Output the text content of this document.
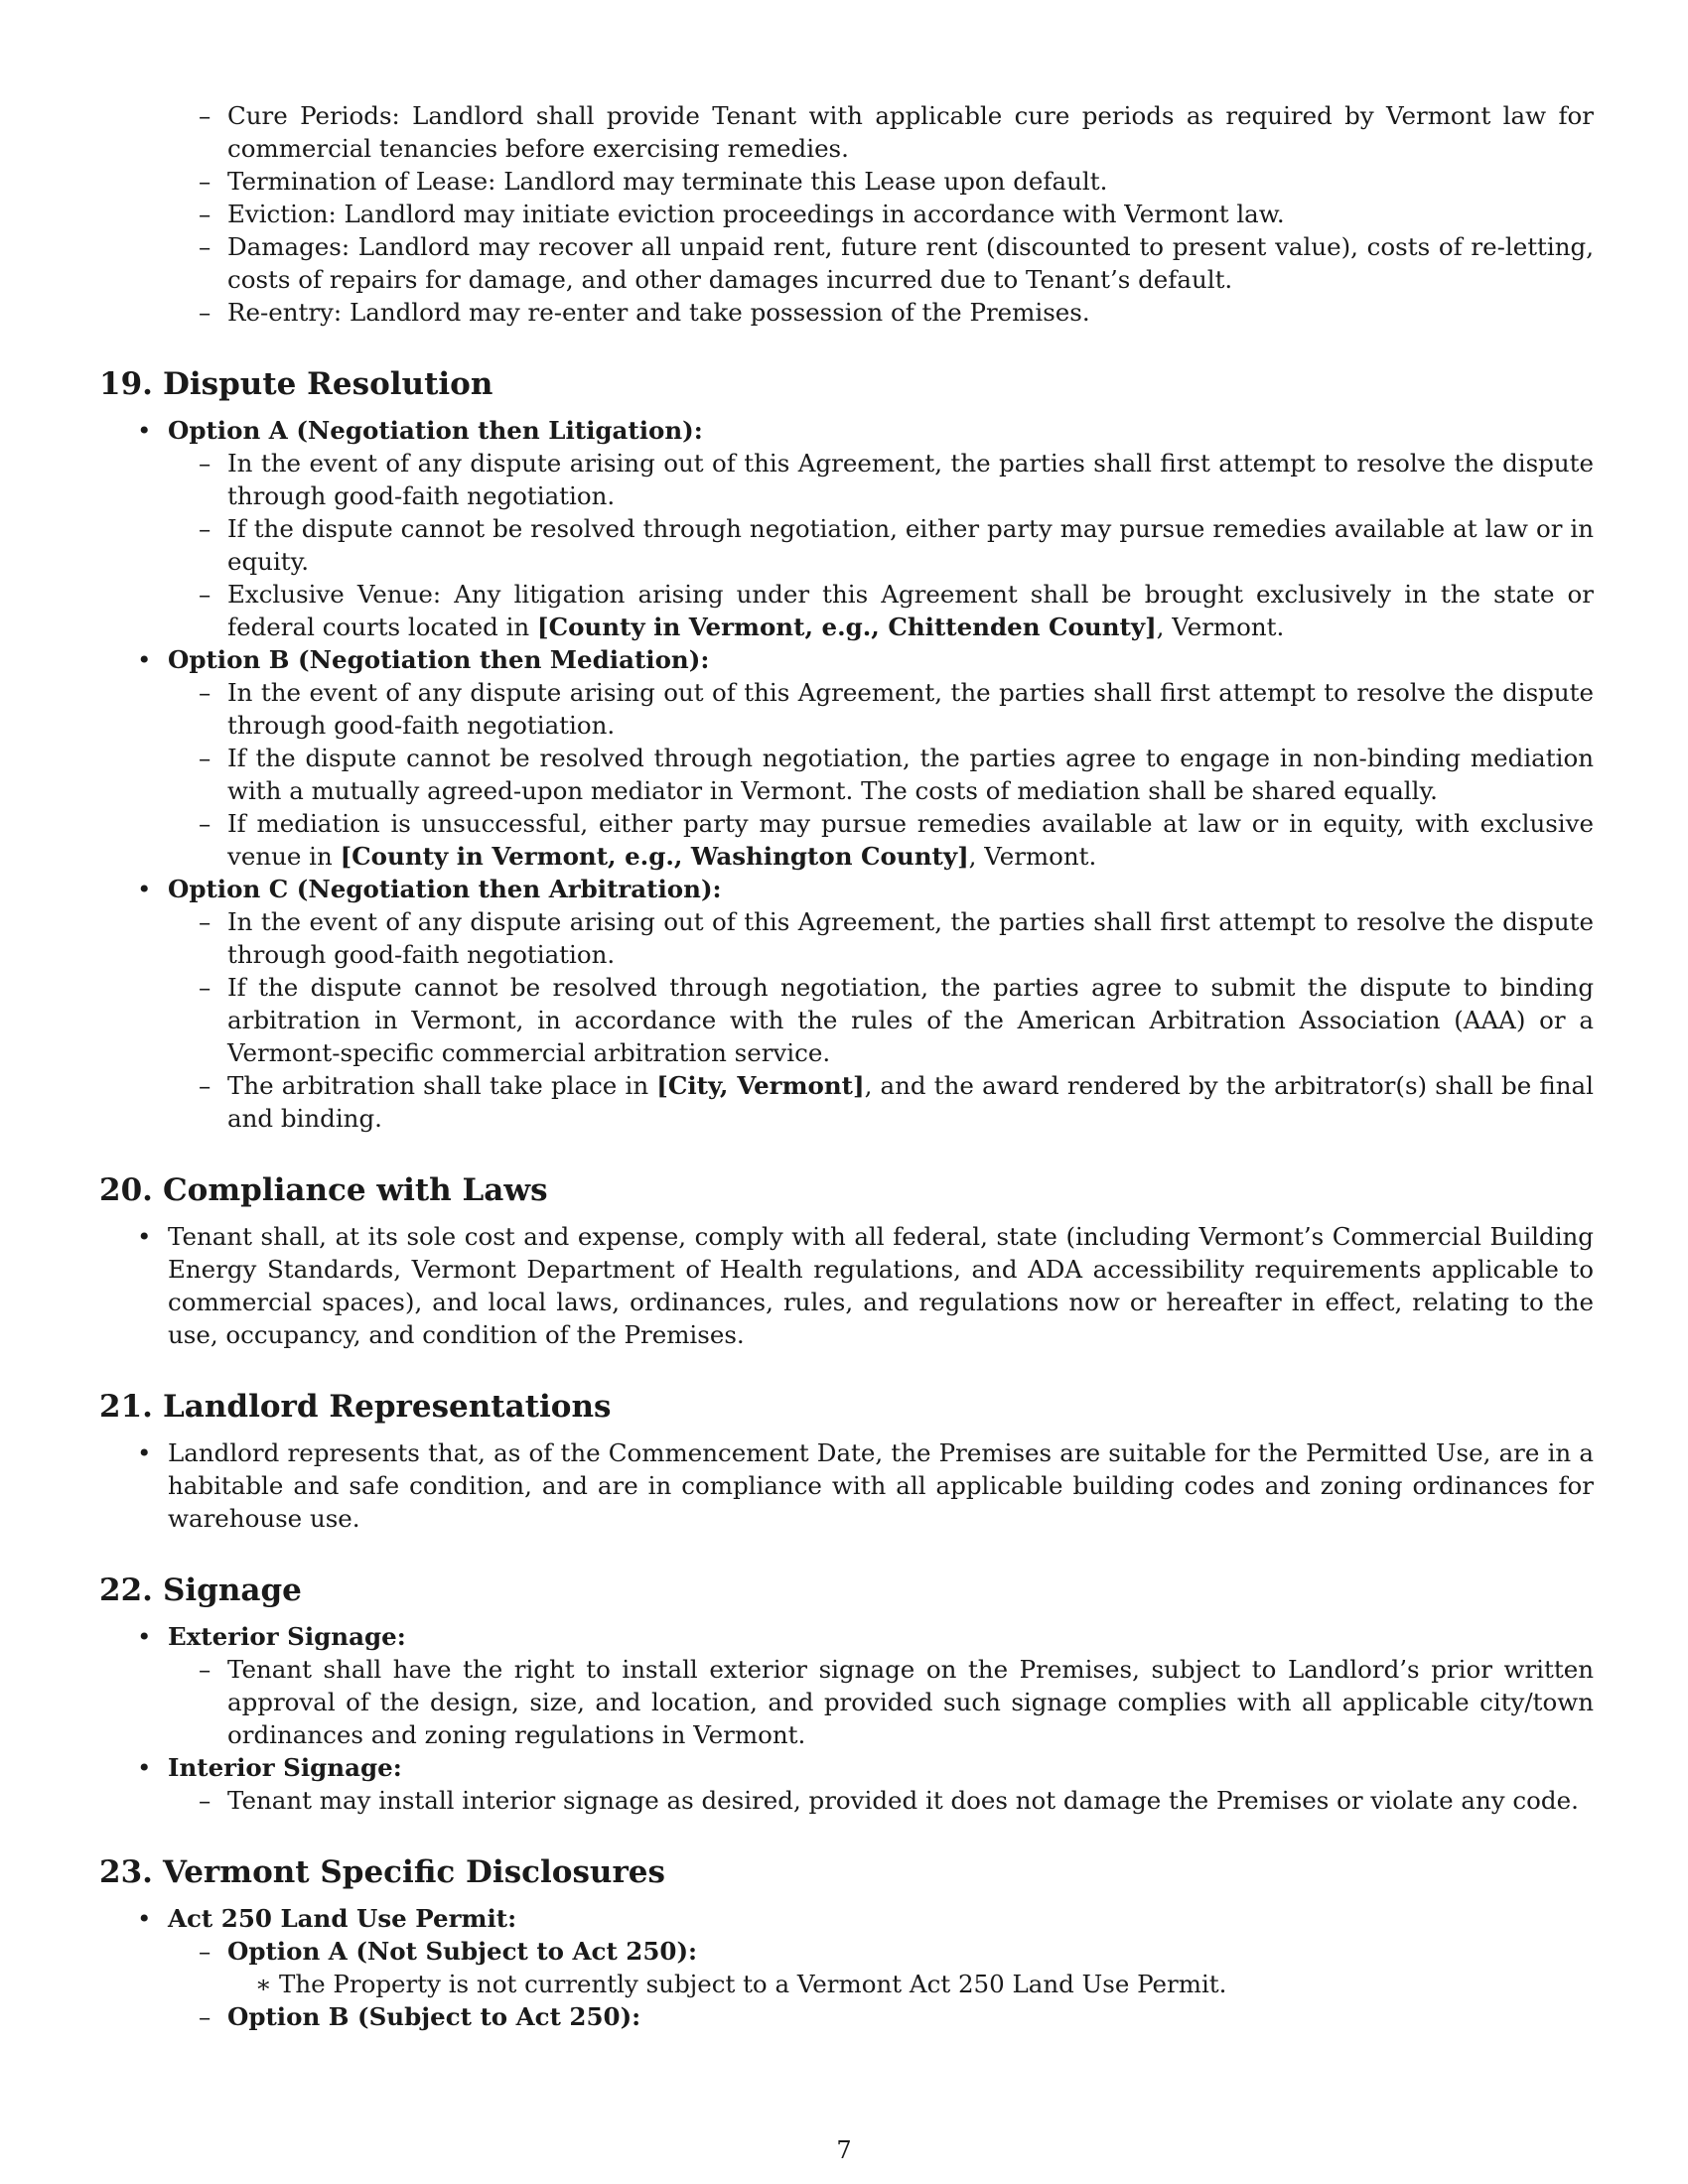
– Cure Periods: Landlord shall provide Tenant with applicable cure periods as required by Vermont law for commercial tenancies before exercising remedies.
– Termination of Lease: Landlord may terminate this Lease upon default.
– Eviction: Landlord may initiate eviction proceedings in accordance with Vermont law.
– Damages: Landlord may recover all unpaid rent, future rent (discounted to present value), costs of re-letting, costs of repairs for damage, and other damages incurred due to Tenant’s default.
– Re-entry: Landlord may re-enter and take possession of the Premises.
19. Dispute Resolution
• Option A (Negotiation then Litigation):
– In the event of any dispute arising out of this Agreement, the parties shall first attempt to resolve the dispute through good-faith negotiation.
– If the dispute cannot be resolved through negotiation, either party may pursue remedies available at law or in equity.
– Exclusive Venue: Any litigation arising under this Agreement shall be brought exclusively in the state or federal courts located in [County in Vermont, e.g., Chittenden County], Vermont.
• Option B (Negotiation then Mediation):
– In the event of any dispute arising out of this Agreement, the parties shall first attempt to resolve the dispute through good-faith negotiation.
– If the dispute cannot be resolved through negotiation, the parties agree to engage in non-binding mediation with a mutually agreed-upon mediator in Vermont. The costs of mediation shall be shared equally.
– If mediation is unsuccessful, either party may pursue remedies available at law or in equity, with exclusive venue in [County in Vermont, e.g., Washington County], Vermont.
• Option C (Negotiation then Arbitration):
– In the event of any dispute arising out of this Agreement, the parties shall first attempt to resolve the dispute through good-faith negotiation.
– If the dispute cannot be resolved through negotiation, the parties agree to submit the dispute to binding arbitration in Vermont, in accordance with the rules of the American Arbitration Association (AAA) or a Vermont-specific commercial arbitration service.
– The arbitration shall take place in [City, Vermont], and the award rendered by the arbitrator(s) shall be final and binding.
20. Compliance with Laws
• Tenant shall, at its sole cost and expense, comply with all federal, state (including Vermont’s Commercial Building Energy Standards, Vermont Department of Health regulations, and ADA accessibility requirements applicable to commercial spaces), and local laws, ordinances, rules, and regulations now or hereafter in effect, relating to the use, occupancy, and condition of the Premises.
21. Landlord Representations
• Landlord represents that, as of the Commencement Date, the Premises are suitable for the Permitted Use, are in a habitable and safe condition, and are in compliance with all applicable building codes and zoning ordinances for warehouse use.
22. Signage
• Exterior Signage:
– Tenant shall have the right to install exterior signage on the Premises, subject to Landlord’s prior written approval of the design, size, and location, and provided such signage complies with all applicable city/town ordinances and zoning regulations in Vermont.
• Interior Signage:
– Tenant may install interior signage as desired, provided it does not damage the Premises or violate any code.
23. Vermont Specific Disclosures
• Act 250 Land Use Permit:
– Option A (Not Subject to Act 250):
∗ The Property is not currently subject to a Vermont Act 250 Land Use Permit.
– Option B (Subject to Act 250):
7
